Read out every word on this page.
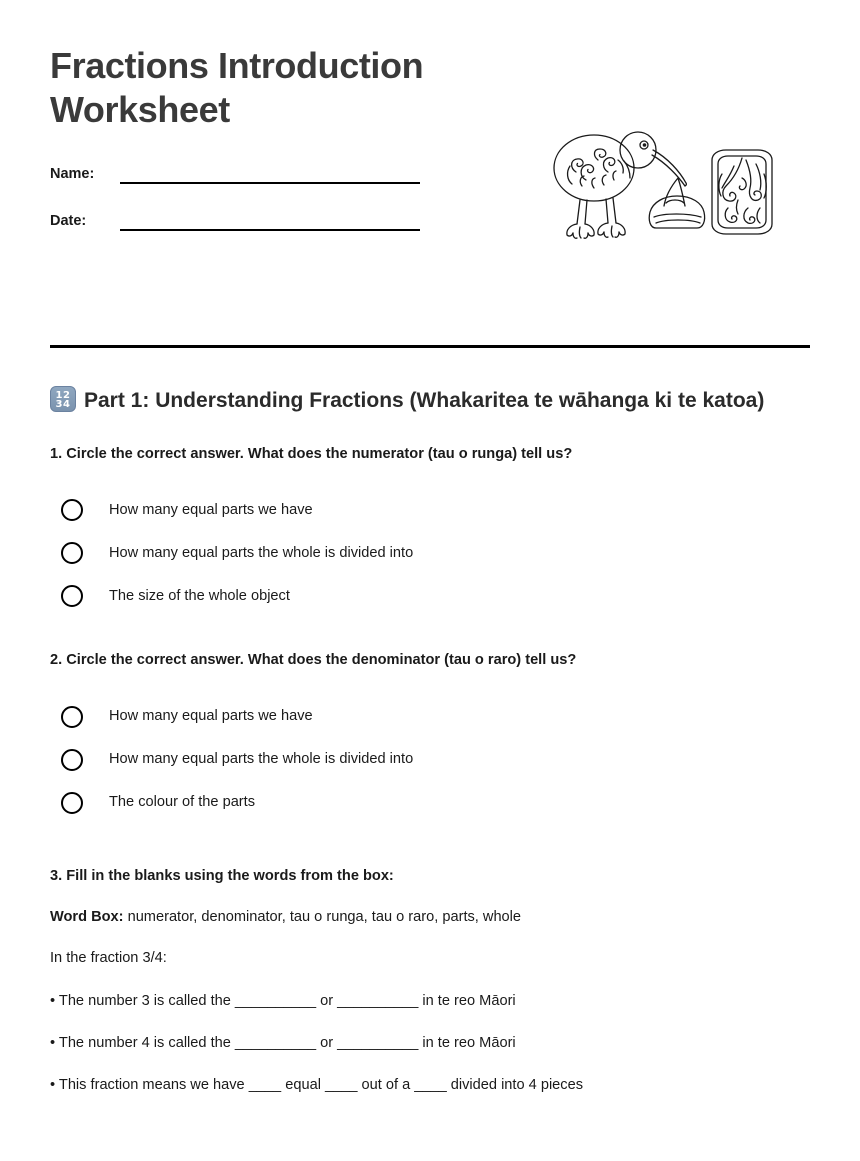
Fractions Introduction Worksheet
Name:
Date:
12
34 Part 1: Understanding Fractions (Whakaritea te wāhanga ki te katoa)

1. Circle the correct answer. What does the numerator (tau o runga) tell us?

How many equal parts we have
How many equal parts the whole is divided into
The size of the whole object

2. Circle the correct answer. What does the denominator (tau o raro) tell us?

How many equal parts we have
How many equal parts the whole is divided into
The colour of the parts

3. Fill in the blanks using the words from the box:

Word Box: numerator, denominator, tau o runga, tau o raro, parts, whole

In the fraction 3/4:

• The number 3 is called the __________ or __________ in te reo Māori

• The number 4 is called the __________ or __________ in te reo Māori

• This fraction means we have ____ equal ____ out of a ____ divided into 4 pieces
